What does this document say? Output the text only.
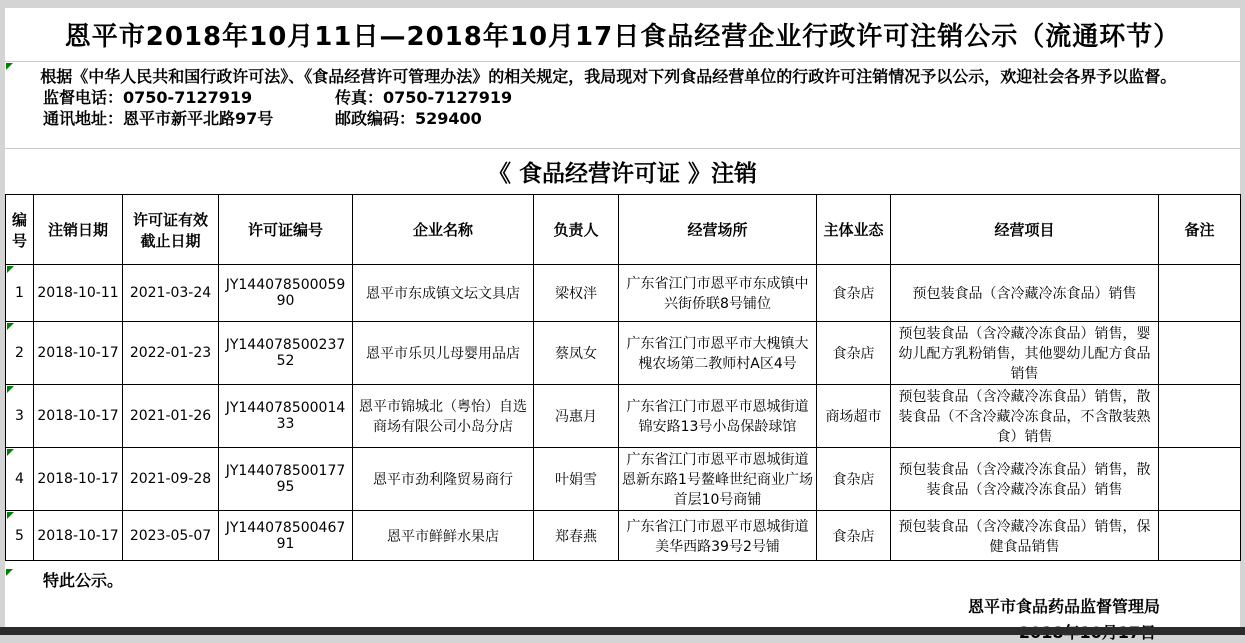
恩平市2018年10月11日—2018年10月17日食品经营企业行政许可注销公示（流通环节）

根据《中华人民共和国行政许可法》、《食品经营许可管理办法》的相关规定，我局现对下列食品经营单位的行政许可注销情况予以公示，欢迎社会各界予以监督。

监督电话：0750-7127919	传真：0750-7127919
通讯地址：恩平市新平北路97号	邮政编码：529400
《 食品经营许可证 》注销
编号	注销日期	许可证有效截止日期	许可证编号	企业名称	负责人	经营场所	主体业态	经营项目	备注
1	2018-10-11	2021-03-24	JY14407850005990	恩平市东成镇文坛文具店	梁权泮	广东省江门市恩平市东成镇中兴街侨联8号铺位	食杂店	预包装食品（含冷藏冷冻食品）销售	
2	2018-10-17	2022-01-23	JY14407850023752	恩平市乐贝儿母婴用品店	蔡凤女	广东省江门市恩平市大槐镇大槐农场第二教师村A区4号	食杂店	预包装食品（含冷藏冷冻食品）销售，婴幼儿配方乳粉销售，其他婴幼儿配方食品销售	
3	2018-10-17	2021-01-26	JY14407850001433	恩平市锦城北（粤怡）自选商场有限公司小岛分店	冯惠月	广东省江门市恩平市恩城街道锦安路13号小岛保龄球馆	商场超市	预包装食品（含冷藏冷冻食品）销售，散装食品（不含冷藏冷冻食品，不含散装熟食）销售	
4	2018-10-17	2021-09-28	JY14407850017795	恩平市劲利隆贸易商行	叶娟雪	广东省江门市恩平市恩城街道恩新东路1号鳌峰世纪商业广场首层10号商铺	食杂店	预包装食品（含冷藏冷冻食品）销售，散装食品（含冷藏冷冻食品）销售	
5	2018-10-17	2023-05-07	JY14407850046791	恩平市鲜鲜水果店	郑春燕	广东省江门市恩平市恩城街道美华西路39号2号铺	食杂店	预包装食品（含冷藏冷冻食品）销售，保健食品销售	

特此公示。

恩平市食品药品监督管理局
